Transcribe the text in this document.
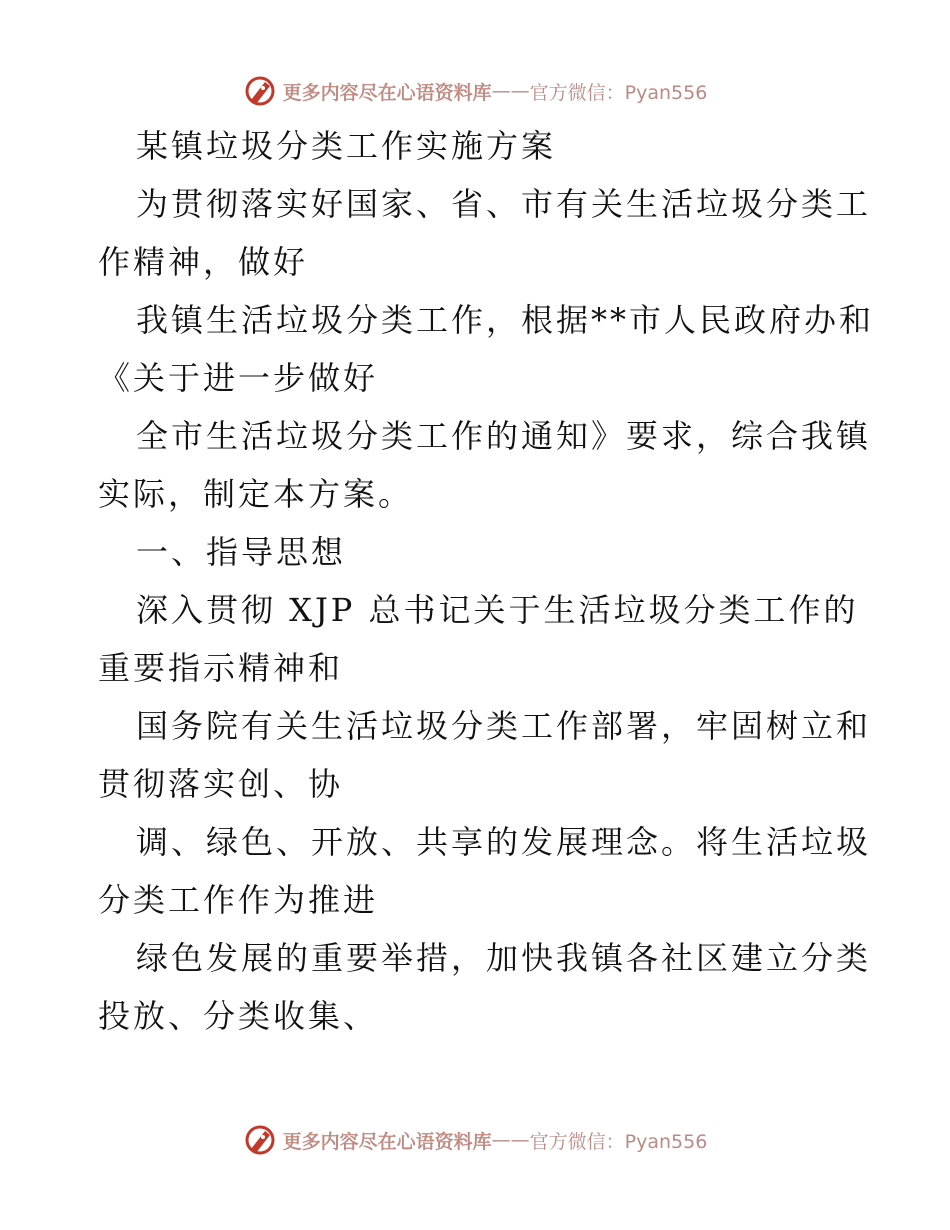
更多内容尽在心语资料库 —— 官方微信：Pyan556
某镇垃圾分类工作实施方案
为贯彻落实好国家、省、市有关生活垃圾分类工
作精神，做好
我镇生活垃圾分类工作，根据**市人民政府办和
《关于进一步做好
全市生活垃圾分类工作的通知》要求，综合我镇
实际，制定本方案。
一、指导思想
深入贯彻 XJP 总书记关于生活垃圾分类工作的
重要指示精神和
国务院有关生活垃圾分类工作部署，牢固树立和
贯彻落实创、协
调、绿色、开放、共享的发展理念。将生活垃圾
分类工作作为推进
绿色发展的重要举措，加快我镇各社区建立分类
投放、分类收集、
更多内容尽在心语资料库 —— 官方微信：Pyan556
